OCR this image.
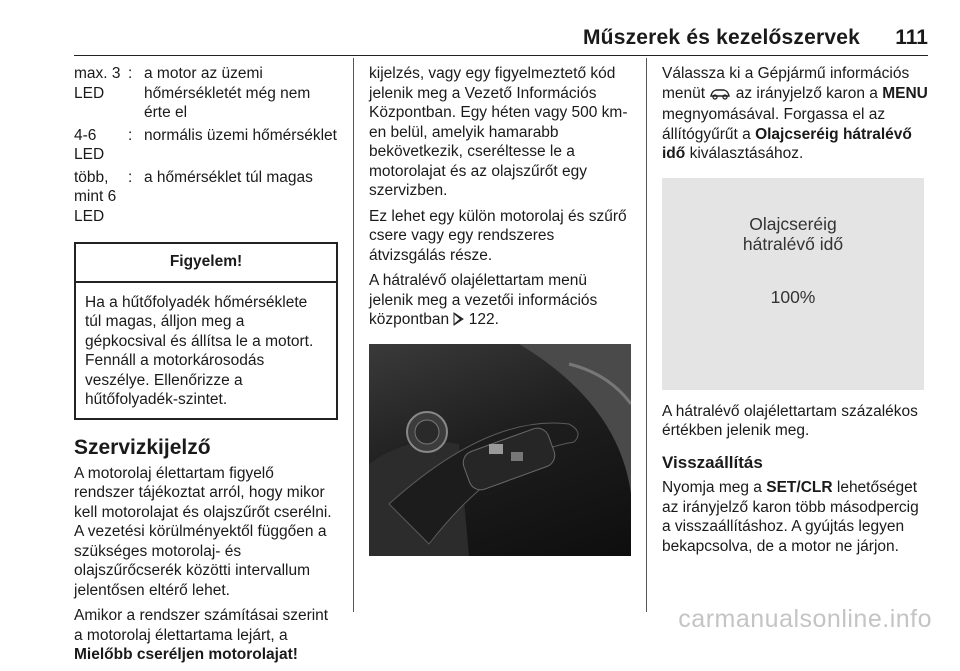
Műszerek és kezelőszervek 111
max. 3 LED	:	a motor az üzemi hőmérsékletét még nem érte el
4-6 LED	:	normális üzemi hőmérséklet
több, mint 6 LED	:	a hőmérséklet túl magas
Figyelem!
Ha a hűtőfolyadék hőmérséklete túl magas, álljon meg a gépkocsival és állítsa le a motort. Fennáll a motorkárosodás veszélye. Ellenőrizze a hűtőfolyadék-szintet.
Szervizkijelző

A motorolaj élettartam figyelő rendszer tájékoztat arról, hogy mikor kell motorolajat és olajszűrőt cserélni. A vezetési körülményektől függően a szükséges motorolaj- és olajszűrőcserék közötti intervallum jelentősen eltérő lehet.

Amikor a rendszer számításai szerint a motorolaj élettartama lejárt, a Mielőbb cseréljen motorolajat!

kijelzés, vagy egy figyelmeztető kód jelenik meg a Vezető Információs Központban. Egy héten vagy 500 km-en belül, amelyik hamarabb bekövetkezik, cseréltesse le a motorolajat és az olajszűrőt egy szervizben.

Ez lehet egy külön motorolaj és szűrő csere vagy egy rendszeres átvizsgálás része.

A hátralévő olajélettartam menü jelenik meg a vezetői információs központban 122.

Válassza ki a Gépjármű információs menüt az irányjelző karon a MENU megnyomásával. Forgassa el az állítógyűrűt a Olajcseréig hátralévő idő kiválasztásához.

Olajcseréig
hátralévő idő
100%

A hátralévő olajélettartam százalékos értékben jelenik meg.

Visszaállítás

Nyomja meg a SET/CLR lehetőséget az irányjelző karon több másodpercig a visszaállításhoz. A gyújtás legyen bekapcsolva, de a motor ne járjon.

carmanualsonline.info
